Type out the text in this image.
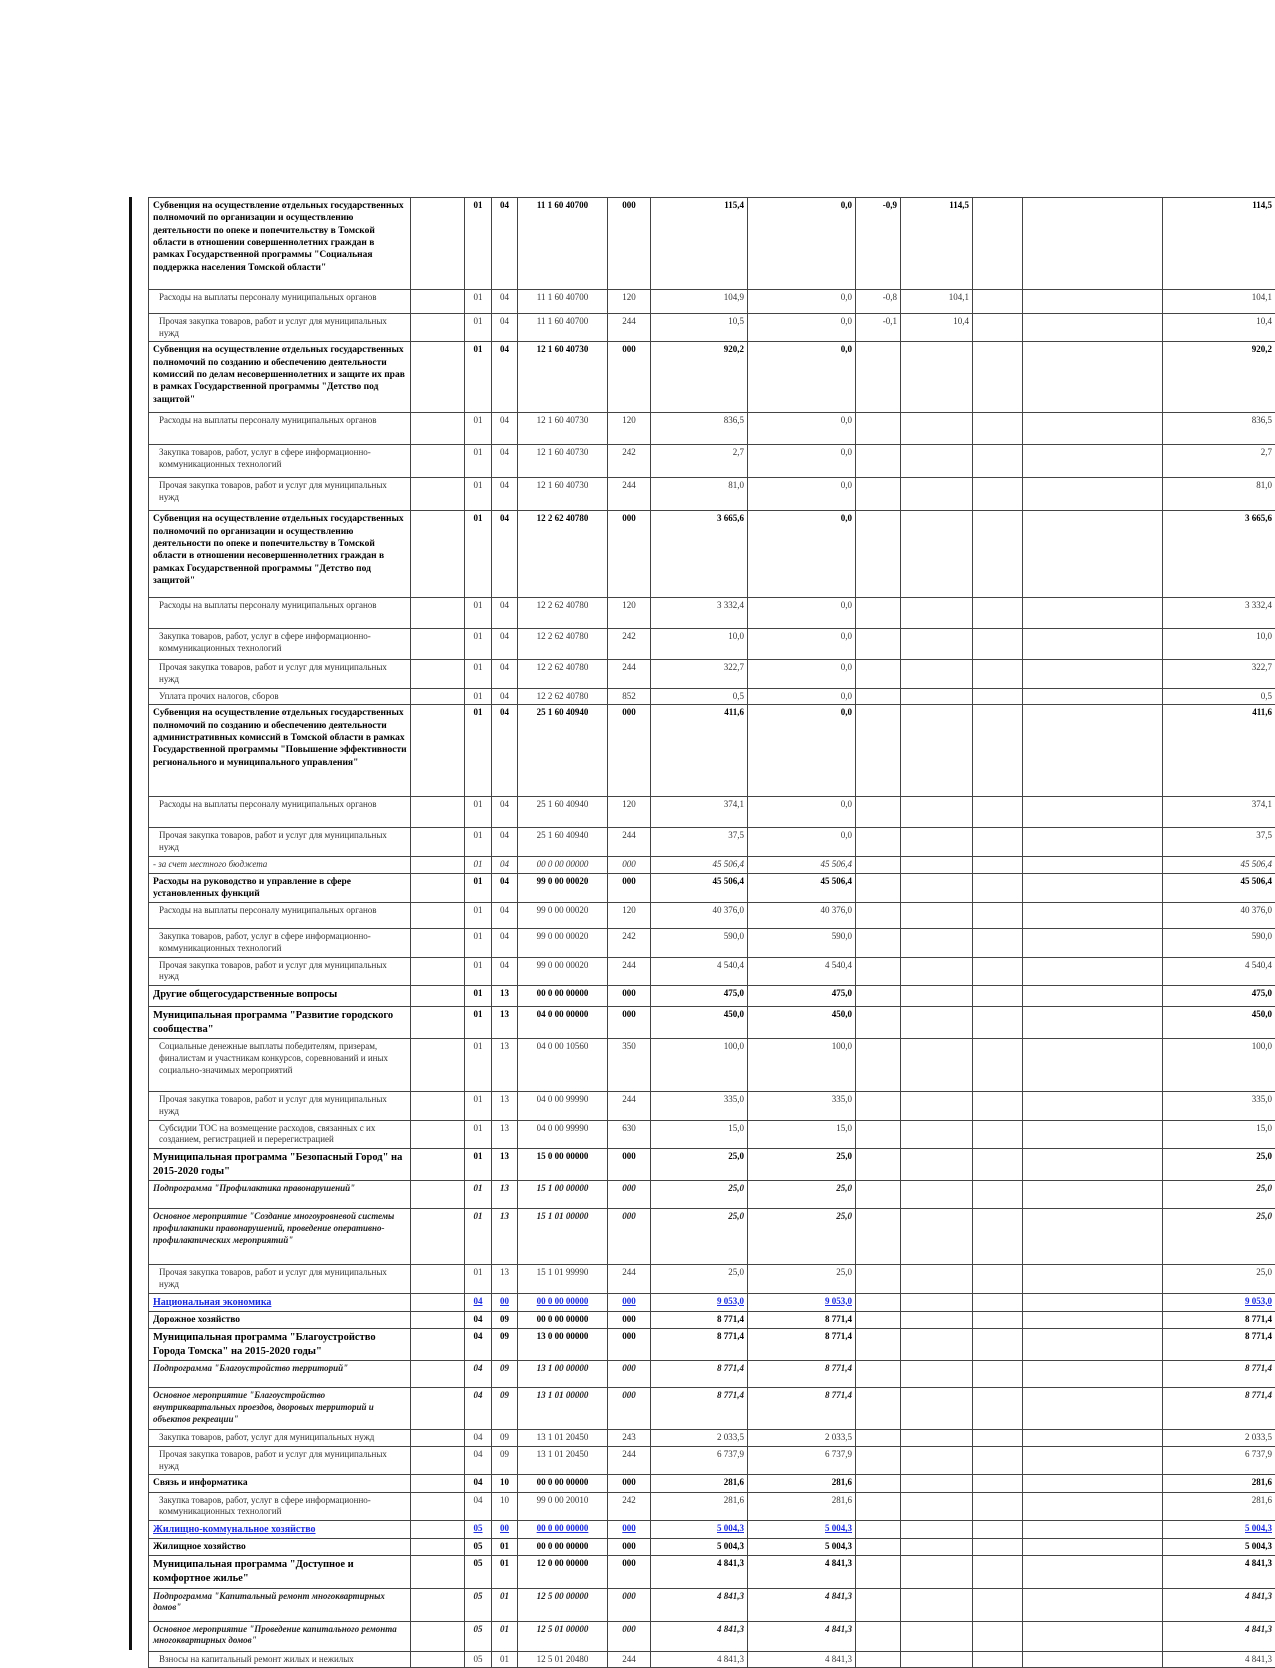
Субвенция на осуществление отдельных государственных полномочий по организации и осуществлению деятельности по опеке и попечительству в Томской области в отношении совершеннолетних граждан в рамках Государственной программы "Социальная поддержка населения Томской области"		01	04	11 1 60 40700	000	115,4	0,0	-0,9	114,5			114,5
Расходы на выплаты персоналу муниципальных органов		01	04	11 1 60 40700	120	104,9	0,0	-0,8	104,1			104,1
Прочая закупка товаров, работ и услуг для муниципальных нужд		01	04	11 1 60 40700	244	10,5	0,0	-0,1	10,4			10,4
Субвенция на осуществление отдельных государственных полномочий по созданию и обеспечению деятельности комиссий по делам несовершеннолетних и защите их прав в рамках Государственной программы "Детство под защитой"		01	04	12 1 60 40730	000	920,2	0,0					920,2
Расходы на выплаты персоналу муниципальных органов		01	04	12 1 60 40730	120	836,5	0,0					836,5
Закупка товаров, работ, услуг в сфере информационно-коммуникационных технологий		01	04	12 1 60 40730	242	2,7	0,0					2,7
Прочая закупка товаров, работ и услуг для муниципальных нужд		01	04	12 1 60 40730	244	81,0	0,0					81,0
Субвенция на осуществление отдельных государственных полномочий по организации и осуществлению деятельности по опеке и попечительству в Томской области в отношении несовершеннолетних граждан в рамках Государственной программы "Детство под защитой"		01	04	12 2 62 40780	000	3 665,6	0,0					3 665,6
Расходы на выплаты персоналу муниципальных органов		01	04	12 2 62 40780	120	3 332,4	0,0					3 332,4
Закупка товаров, работ, услуг в сфере информационно-коммуникационных технологий		01	04	12 2 62 40780	242	10,0	0,0					10,0
Прочая закупка товаров, работ и услуг для муниципальных нужд		01	04	12 2 62 40780	244	322,7	0,0					322,7
Уплата прочих налогов, сборов		01	04	12 2 62 40780	852	0,5	0,0					0,5
Субвенция на осуществление отдельных государственных полномочий по созданию и обеспечению деятельности административных комиссий в Томской области в рамках Государственной программы "Повышение эффективности регионального и муниципального управления"		01	04	25 1 60 40940	000	411,6	0,0					411,6
Расходы на выплаты персоналу муниципальных органов		01	04	25 1 60 40940	120	374,1	0,0					374,1
Прочая закупка товаров, работ и услуг для муниципальных нужд		01	04	25 1 60 40940	244	37,5	0,0					37,5
- за счет местного бюджета		01	04	00 0 00 00000	000	45 506,4	45 506,4					45 506,4
Расходы на руководство и управление в сфере установленных функций		01	04	99 0 00 00020	000	45 506,4	45 506,4					45 506,4
Расходы на выплаты персоналу муниципальных органов		01	04	99 0 00 00020	120	40 376,0	40 376,0					40 376,0
Закупка товаров, работ, услуг в сфере информационно-коммуникационных технологий		01	04	99 0 00 00020	242	590,0	590,0					590,0
Прочая закупка товаров, работ и услуг для муниципальных нужд		01	04	99 0 00 00020	244	4 540,4	4 540,4					4 540,4
Другие общегосударственные вопросы		01	13	00 0 00 00000	000	475,0	475,0					475,0
Муниципальная программа "Развитие городского сообщества"		01	13	04 0 00 00000	000	450,0	450,0					450,0
Социальные денежные выплаты победителям, призерам, финалистам и участникам конкурсов, соревнований и иных социально-значимых мероприятий		01	13	04 0 00 10560	350	100,0	100,0					100,0
Прочая закупка товаров, работ и услуг для муниципальных нужд		01	13	04 0 00 99990	244	335,0	335,0					335,0
Субсидии ТОС на возмещение расходов, связанных с их созданием, регистрацией и перерегистрацией		01	13	04 0 00 99990	630	15,0	15,0					15,0
Муниципальная программа "Безопасный Город" на 2015-2020 годы"		01	13	15 0 00 00000	000	25,0	25,0					25,0
Подпрограмма "Профилактика правонарушений"		01	13	15 1 00 00000	000	25,0	25,0					25,0
Основное мероприятие "Создание многоуровневой системы профилактики правонарушений, проведение оперативно-профилактических мероприятий"		01	13	15 1 01 00000	000	25,0	25,0					25,0
Прочая закупка товаров, работ и услуг для муниципальных нужд		01	13	15 1 01 99990	244	25,0	25,0					25,0
Национальная экономика		04	00	00 0 00 00000	000	9 053,0	9 053,0					9 053,0
Дорожное хозяйство		04	09	00 0 00 00000	000	8 771,4	8 771,4					8 771,4
Муниципальная программа "Благоустройство Города Томска" на 2015-2020 годы"		04	09	13 0 00 00000	000	8 771,4	8 771,4					8 771,4
Подпрограмма "Благоустройство территорий"		04	09	13 1 00 00000	000	8 771,4	8 771,4					8 771,4
Основное мероприятие "Благоустройство внутриквартальных проездов, дворовых территорий и объектов рекреации"		04	09	13 1 01 00000	000	8 771,4	8 771,4					8 771,4
Закупка товаров, работ, услуг для муниципальных нужд		04	09	13 1 01 20450	243	2 033,5	2 033,5					2 033,5
Прочая закупка товаров, работ и услуг для муниципальных нужд		04	09	13 1 01 20450	244	6 737,9	6 737,9					6 737,9
Связь и информатика		04	10	00 0 00 00000	000	281,6	281,6					281,6
Закупка товаров, работ, услуг в сфере информационно-коммуникационных технологий		04	10	99 0 00 20010	242	281,6	281,6					281,6
Жилищно-коммунальное хозяйство		05	00	00 0 00 00000	000	5 004,3	5 004,3					5 004,3
Жилищное хозяйство		05	01	00 0 00 00000	000	5 004,3	5 004,3					5 004,3
Муниципальная программа "Доступное и комфортное жилье"		05	01	12 0 00 00000	000	4 841,3	4 841,3					4 841,3
Подпрограмма "Капитальный ремонт многоквартирных домов"		05	01	12 5 00 00000	000	4 841,3	4 841,3					4 841,3
Основное мероприятие "Проведение капитального ремонта многоквартирных домов"		05	01	12 5 01 00000	000	4 841,3	4 841,3					4 841,3
Взносы на капитальный ремонт жилых и нежилых		05	01	12 5 01 20480	244	4 841,3	4 841,3					4 841,3
